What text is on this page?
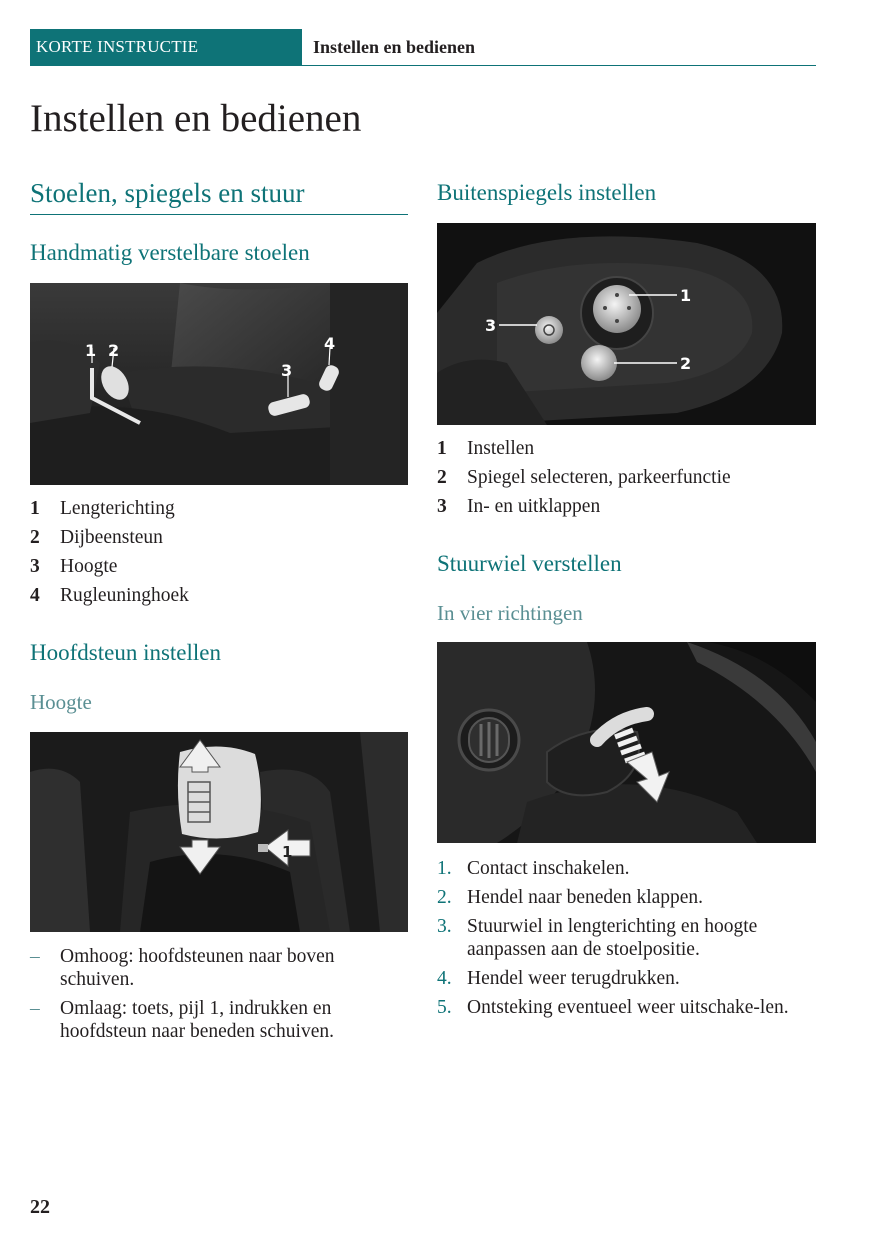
KORTE INSTRUCTIE	Instellen en bedienen
Instellen en bedienen
Stoelen, spiegels en stuur
Handmatig verstelbare stoelen
1 2
3
4
1 Lengterichting
2 Dijbeensteun
3 Hoogte
4 Rugleuninghoek
Hoofdsteun instellen
Hoogte
1
– Omhoog: hoofdsteunen naar boven schuiven.
– Omlaag: toets, pijl 1, indrukken en hoofdsteun naar beneden schuiven.
Buitenspiegels instellen
1
2
3
1 Instellen
2 Spiegel selecteren, parkeerfunctie
3 In- en uitklappen
Stuurwiel verstellen
In vier richtingen
1. Contact inschakelen.
2. Hendel naar beneden klappen.
3. Stuurwiel in lengterichting en hoogte aanpassen aan de stoelpositie.
4. Hendel weer terugdrukken.
5. Ontsteking eventueel weer uitschake-len.
22
